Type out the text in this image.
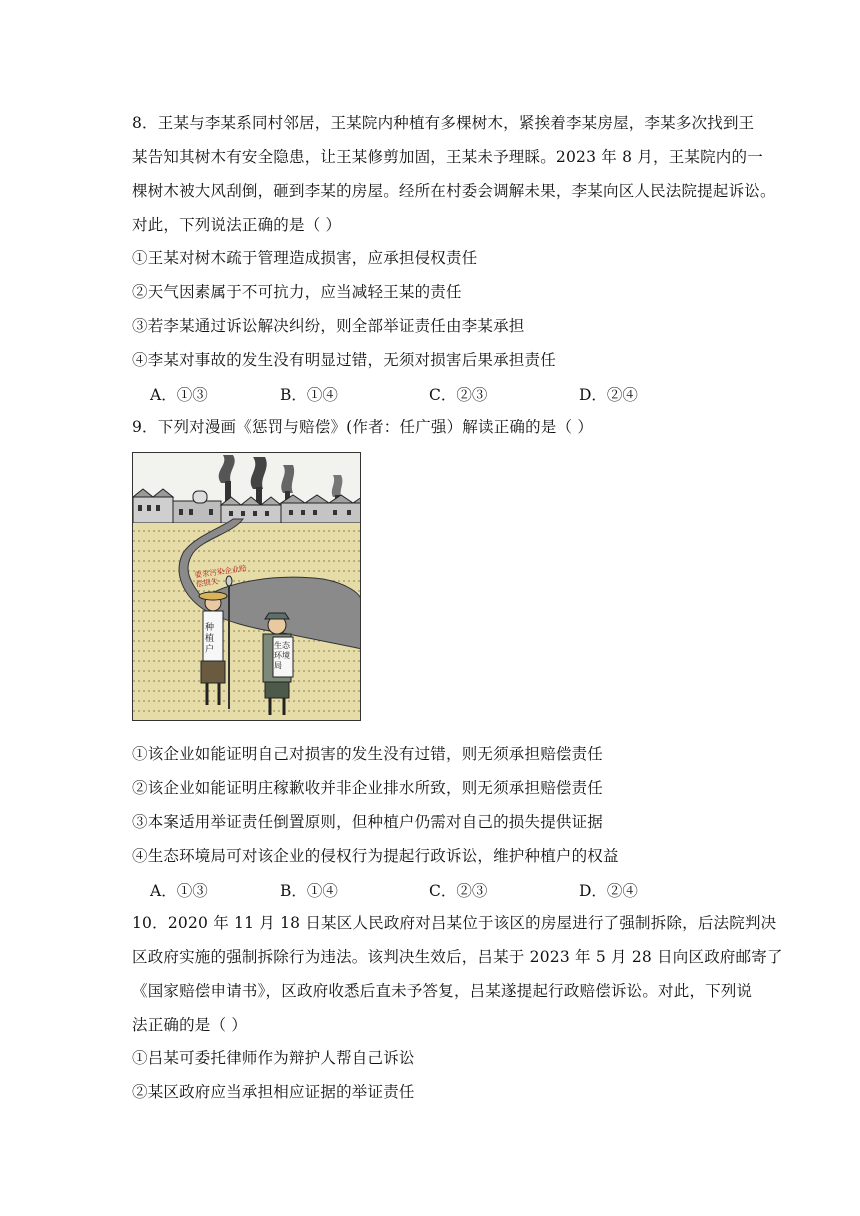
8．王某与李某系同村邻居，王某院内种植有多棵树木，紧挨着李某房屋，李某多次找到王
某告知其树木有安全隐患，让王某修剪加固，王某未予理睬。2023 年 8 月，王某院内的一
棵树木被大风刮倒，砸到李某的房屋。经所在村委会调解未果，李某向区人民法院提起诉讼。
对此，下列说法正确的是（ ）
①王某对树木疏于管理造成损害，应承担侵权责任
②天气因素属于不可抗力，应当减轻王某的责任
③若李某通过诉讼解决纠纷，则全部举证责任由李某承担
④李某对事故的发生没有明显过错，无须对损害后果承担责任
A．①③	B．①④	C．②③	D．②④
9．下列对漫画《惩罚与赔偿》(作者：任广强）解读正确的是（ ）
要求污染企业赔偿损失
种植户	生态环境局
①该企业如能证明自己对损害的发生没有过错，则无须承担赔偿责任
②该企业如能证明庄稼歉收并非企业排水所致，则无须承担赔偿责任
③本案适用举证责任倒置原则，但种植户仍需对自己的损失提供证据
④生态环境局可对该企业的侵权行为提起行政诉讼，维护种植户的权益
A．①③	B．①④	C．②③	D．②④
10．2020 年 11 月 18 日某区人民政府对吕某位于该区的房屋进行了强制拆除，后法院判决
区政府实施的强制拆除行为违法。该判决生效后，吕某于 2023 年 5 月 28 日向区政府邮寄了
《国家赔偿申请书》，区政府收悉后直未予答复，吕某遂提起行政赔偿诉讼。对此，下列说
法正确的是（ ）
①吕某可委托律师作为辩护人帮自己诉讼
②某区政府应当承担相应证据的举证责任
